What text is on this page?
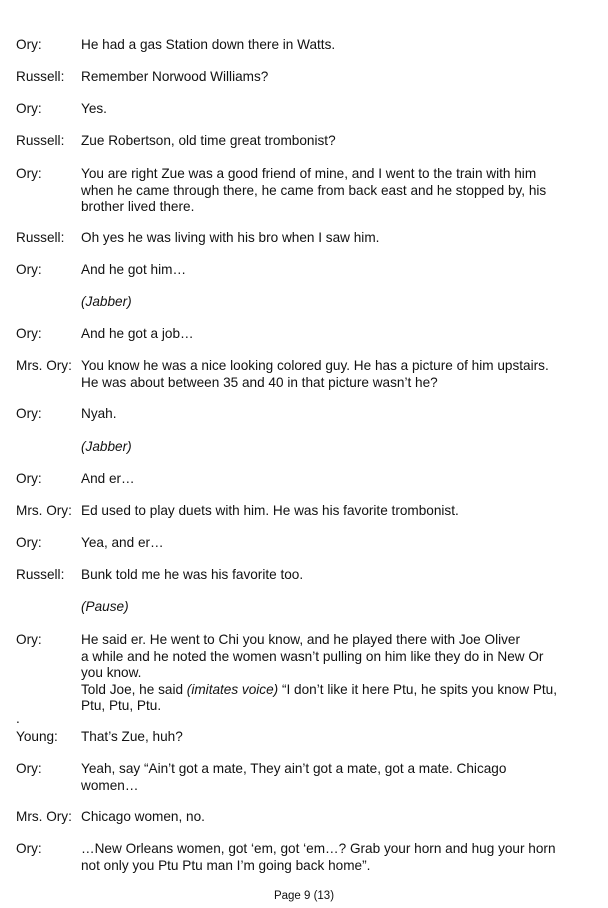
Ory:	He had a gas Station down there in Watts.
Russell: Remember Norwood Williams?
Ory:	Yes.
Russell: Zue Robertson, old time great trombonist?
Ory:	You are right Zue was a good friend of mine, and I went to the train with him
when he came through there, he came from back east and he stopped by, his
brother lived there.
Russell: Oh yes he was living with his bro when I saw him.
Ory:	And he got him…
(Jabber)
Ory:	And he got a job…
Mrs. Ory: You know he was a nice looking colored guy. He has a picture of him upstairs.
He was about between 35 and 40 in that picture wasn’t he?
Ory:	Nyah.
(Jabber)
Ory:	And er…
Mrs. Ory: Ed used to play duets with him. He was his favorite trombonist.
Ory:	Yea, and er…
Russell: Bunk told me he was his favorite too.
(Pause)
Ory:	He said er. He went to Chi you know, and he played there with Joe Oliver
a while and he noted the women wasn’t pulling on him like they do in New Or
you know.
Told Joe, he said (imitates voice) “I don’t like it here Ptu, he spits you know Ptu,
Ptu, Ptu, Ptu.
.
Young: That’s Zue, huh?
Ory:	Yeah, say “Ain’t got a mate, They ain’t got a mate, got a mate. Chicago
women…
Mrs. Ory: Chicago women, no.
Ory:	…New Orleans women, got ‘em, got ‘em…? Grab your horn and hug your horn
not only you Ptu Ptu man I’m going back home”.
Page 9 (13)
